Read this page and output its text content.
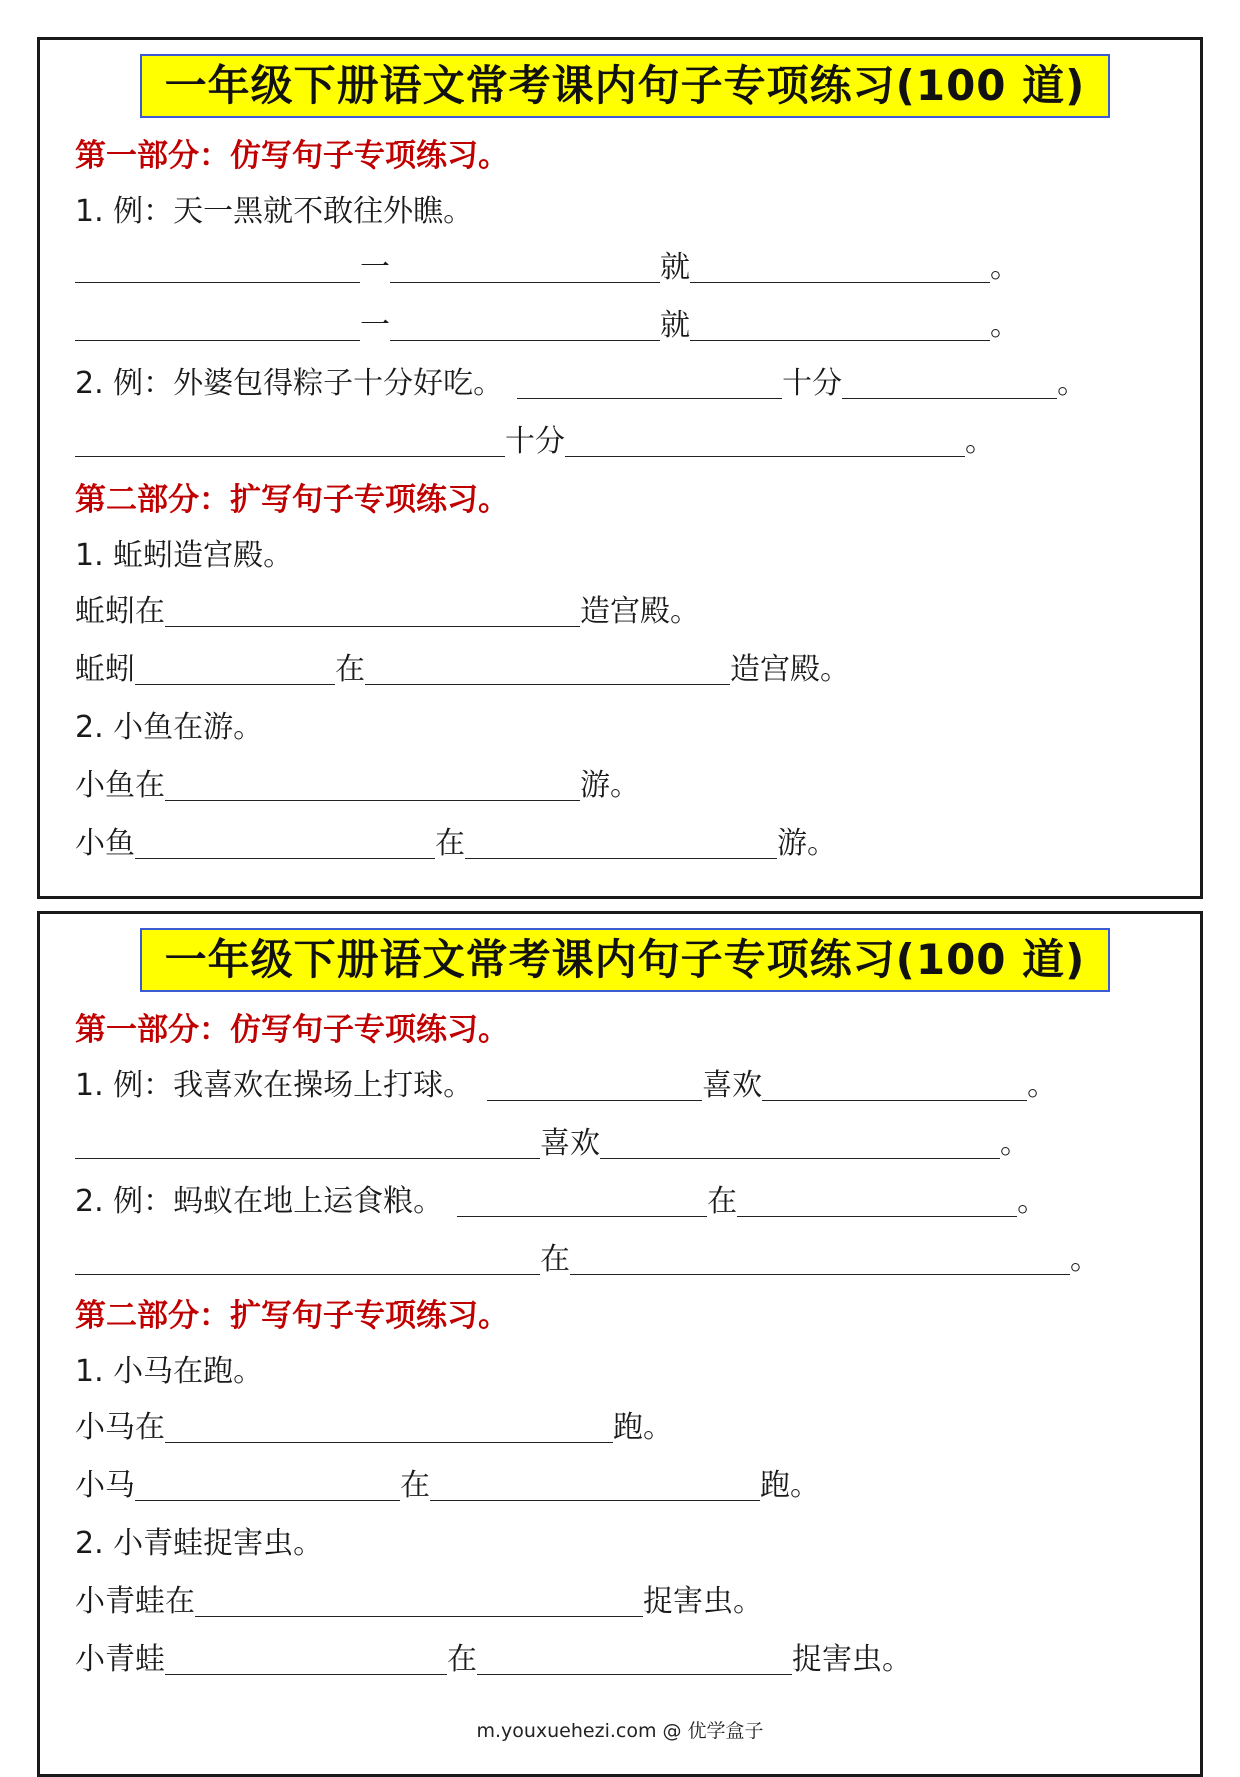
一年级下册语文常考课内句子专项练习(100 道)
第一部分：仿写句子专项练习。
1. 例：天一黑就不敢往外瞧。
一	就	。
一	就	。
2. 例：外婆包得粽子十分好吃。	十分	。
十分	。
第二部分：扩写句子专项练习。
1. 蚯蚓造宫殿。
蚯蚓在	造宫殿。
蚯蚓	在	造宫殿。
2. 小鱼在游。
小鱼在	游。
小鱼	在	游。
一年级下册语文常考课内句子专项练习(100 道)
第一部分：仿写句子专项练习。
1. 例：我喜欢在操场上打球。	喜欢	。
喜欢	。
2. 例：蚂蚁在地上运食粮。	在	。
在	。
第二部分：扩写句子专项练习。
1. 小马在跑。
小马在	跑。
小马	在	跑。
2. 小青蛙捉害虫。
小青蛙在	捉害虫。
小青蛙	在	捉害虫。
m.youxuehezi.com @ 优学盒子
